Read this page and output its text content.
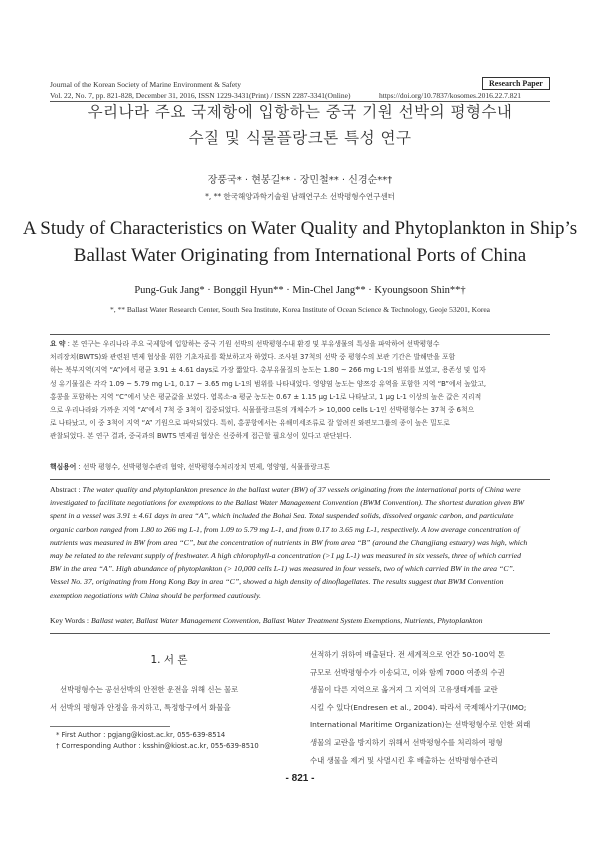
Journal of the Korean Society of Marine Environment & Safety	Research Paper
Vol. 22, No. 7, pp. 821-828, December 31, 2016, ISSN 1229-3431(Print) / ISSN 2287-3341(Online)	https://doi.org/10.7837/kosomes.2016.22.7.821
우리나라 주요 국제항에 입항하는 중국 기원 선박의 평형수내
수질 및 식물플랑크톤 특성 연구
장풍국* · 현봉길** · 장민철** · 신경순**†
*, ** 한국해양과학기술원 남해연구소 선박평형수연구센터
A Study of Characteristics on Water Quality and Phytoplankton in Ship’s
Ballast Water Originating from International Ports of China
Pung-Guk Jang* · Bonggil Hyun** · Min-Chel Jang** · Kyoungsoon Shin**†
*, ** Ballast Water Research Center, South Sea Institute, Korea Institute of Ocean Science & Technology, Geoje 53201, Korea
요 약 : 본 연구는 우리나라 주요 국제항에 입항하는 중국 기원 선박의 선박평형수내 환경 및 부유생물의 특성을 파악하여 선박평형수
처리장치(BWTS)와 관련된 면제 협상을 위한 기초자료를 확보하고자 하였다. 조사된 37척의 선박 중 평형수의 보관 기간은 발해만을 포함
하는 북부지역(지역 “A”)에서 평균 3.91 ± 4.61 days로 가장 짧았다. 총부유물질의 농도는 1.80 ~ 266 mg L-1의 범위를 보였고, 용존성 및 입자
성 유기물질은 각각 1.09 ~ 5.79 mg L-1, 0.17 ~ 3.65 mg L-1의 범위를 나타내었다. 영양염 농도는 양쯔강 유역을 포함한 지역 “B”에서 높았고,
홍콩을 포함하는 지역 “C”에서 낮은 평균값을 보였다. 엽록소-a 평균 농도는 0.67 ± 1.15 μg L-1로 나타났고, 1 μg L-1 이상의 높은 값은 지리적
으로 우리나라와 가까운 지역 “A”에서 7척 중 3척이 집중되었다. 식물플랑크톤의 개체수가 > 10,000 cells L-1인 선박평형수는 37척 중 6척으
로 나타났고, 이 중 3척이 지역 “A” 기원으로 파악되었다. 특히, 홍콩항에서는 유해미세조류로 잘 알려진 와편모그룹의 종이 높은 밀도로
관찰되었다. 본 연구 결과, 중국과의 BWTS 면제권 협상은 신중하게 접근할 필요성이 있다고 판단된다.
핵심용어 : 선박 평형수, 선박평형수관리 협약, 선박평형수처리장치 면제, 영양염, 식물플랑크톤
Abstract : The water quality and phytoplankton presence in the ballast water (BW) of 37 vessels originating from the international ports of China were
investigated to facilitate negotiations for exemptions to the Ballast Water Management Convention (BWM Convention). The shortest duration given BW
spent in a vessel was 3.91 ± 4.61 days in area “A”, which included the Bohai Sea. Total suspended solids, dissolved organic carbon, and particulate
organic carbon ranged from 1.80 to 266 mg L-1, from 1.09 to 5.79 mg L-1, and from 0.17 to 3.65 mg L-1, respectively. A low average concentration of
nutrients was measured in BW from area “C”, but the concentration of nutrients in BW from area “B” (around the Changjiang estuary) was high, which
may be related to the relevant supply of freshwater. A high chlorophyll-a concentration (>1 μg L-1) was measured in six vessels, three of which carried
BW in the area “A”. High abundance of phytoplankton (> 10,000 cells L-1) was measured in four vessels, two of which carried BW in the area “C”.
Vessel No. 37, originating from Hong Kong Bay in area “C”, showed a high density of dinoflagellates. The results suggest that BWM Convention
exemption negotiations with China should be performed cautiously.
Key Words : Ballast water, Ballast Water Management Convention, Ballast Water Treatment System Exemptions, Nutrients, Phytoplankton
1. 서 론
선박평형수는 공선선박의 안전한 운전을 위해 신는 물로
서 선박의 평형과 안정을 유지하고, 특정항구에서 화물을
* First Author : pgjang@kiost.ac.kr, 055-639-8514
† Corresponding Author : ksshin@kiost.ac.kr, 055-639-8510
선적하기 위하여 배출된다. 전 세계적으로 연간 50-100억 톤
규모로 선박평형수가 이송되고, 이와 함께 7000 여종의 수권
생물이 다른 지역으로 옮겨져 그 지역의 고유생태계를 교란
시킬 수 있다(Endresen et al., 2004). 따라서 국제해사기구(IMO;
International Maritime Organization)는 선박평형수로 인한 외래
생물의 교란을 방지하기 위해서 선박평형수를 처리하여 평형
수내 생물을 제거 및 사멸시킨 후 배출하는 선박평형수관리
- 821 -
